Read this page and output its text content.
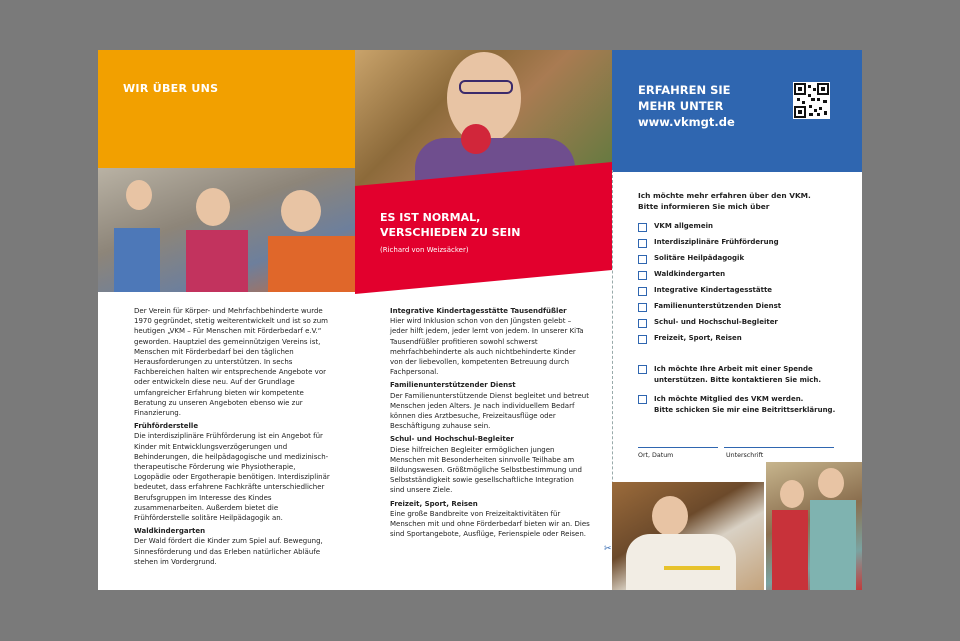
WIR ÜBER UNS

Der Verein für Körper- und Mehrfachbehinderte wurde 1970 gegründet, stetig weiterentwickelt und ist so zum heutigen „VKM – Für Menschen mit Förderbedarf e.V.“ geworden. Hauptziel des gemeinnützigen Vereins ist, Menschen mit Förderbedarf bei den täglichen Herausforderungen zu unterstützen. In sechs Fachbereichen halten wir entsprechende Angebote vor oder entwickeln diese neu. Auf der Grundlage umfangreicher Erfahrung bieten wir kompetente Beratung zu unseren Angeboten ebenso wie zur Finanzierung.

Frühförderstelle

Die interdisziplinäre Frühförderung ist ein Angebot für Kinder mit Entwicklungsverzögerungen und Behinderungen, die heilpädagogische und medizinisch-therapeutische Förderung wie Physiotherapie, Logopädie oder Ergotherapie benötigen. Interdisziplinär bedeutet, dass erfahrene Fachkräfte unterschiedlicher Berufsgruppen im Interesse des Kindes zusammenarbeiten. Außerdem bietet die Frühförderstelle solitäre Heilpädagogik an.

Waldkindergarten

Der Wald fördert die Kinder zum Spiel auf. Bewegung, Sinnesförderung und das Erleben natürlicher Abläufe stehen im Vordergrund.

ES IST NORMAL,
VERSCHIEDEN ZU SEIN
(Richard von Weizsäcker)
Integrative Kindertagesstätte Tausendfüßler

Hier wird Inklusion schon von den Jüngsten gelebt – jeder hilft jedem, jeder lernt von jedem. In unserer KiTa Tausendfüßler profitieren sowohl schwerst mehrfachbehinderte als auch nichtbehinderte Kinder von der liebevollen, kompetenten Betreuung durch Fachpersonal.

Familienunterstützender Dienst

Der Familienunterstützende Dienst begleitet und betreut Menschen jeden Alters. Je nach individuellem Bedarf können dies Arztbesuche, Freizeitausflüge oder Beschäftigung zuhause sein.

Schul- und Hochschul-Begleiter

Diese hilfreichen Begleiter ermöglichen jungen Menschen mit Besonderheiten sinnvolle Teilhabe am Bildungswesen. Größtmögliche Selbstbestimmung und Selbstständigkeit sowie gesellschaftliche Integration sind unsere Ziele.

Freizeit, Sport, Reisen

Eine große Bandbreite von Freizeitaktivitäten für Menschen mit und ohne Förderbedarf bieten wir an. Dies sind Sportangebote, Ausflüge, Ferienspiele oder Reisen.

ERFAHREN SIE
MEHR UNTER
www.vkmgt.de
✂
Ich möchte mehr erfahren über den VKM.
Bitte informieren Sie mich über
VKM allgemein
Interdisziplinäre Frühförderung
Solitäre Heilpädagogik
Waldkindergarten
Integrative Kindertagesstätte
Familienunterstützenden Dienst
Schul- und Hochschul-Begleiter
Freizeit, Sport, Reisen
Ich möchte Ihre Arbeit mit einer Spende
unterstützen. Bitte kontaktieren Sie mich.
Ich möchte Mitglied des VKM werden.
Bitte schicken Sie mir eine Beitrittserklärung.
Ort, Datum	Unterschrift
